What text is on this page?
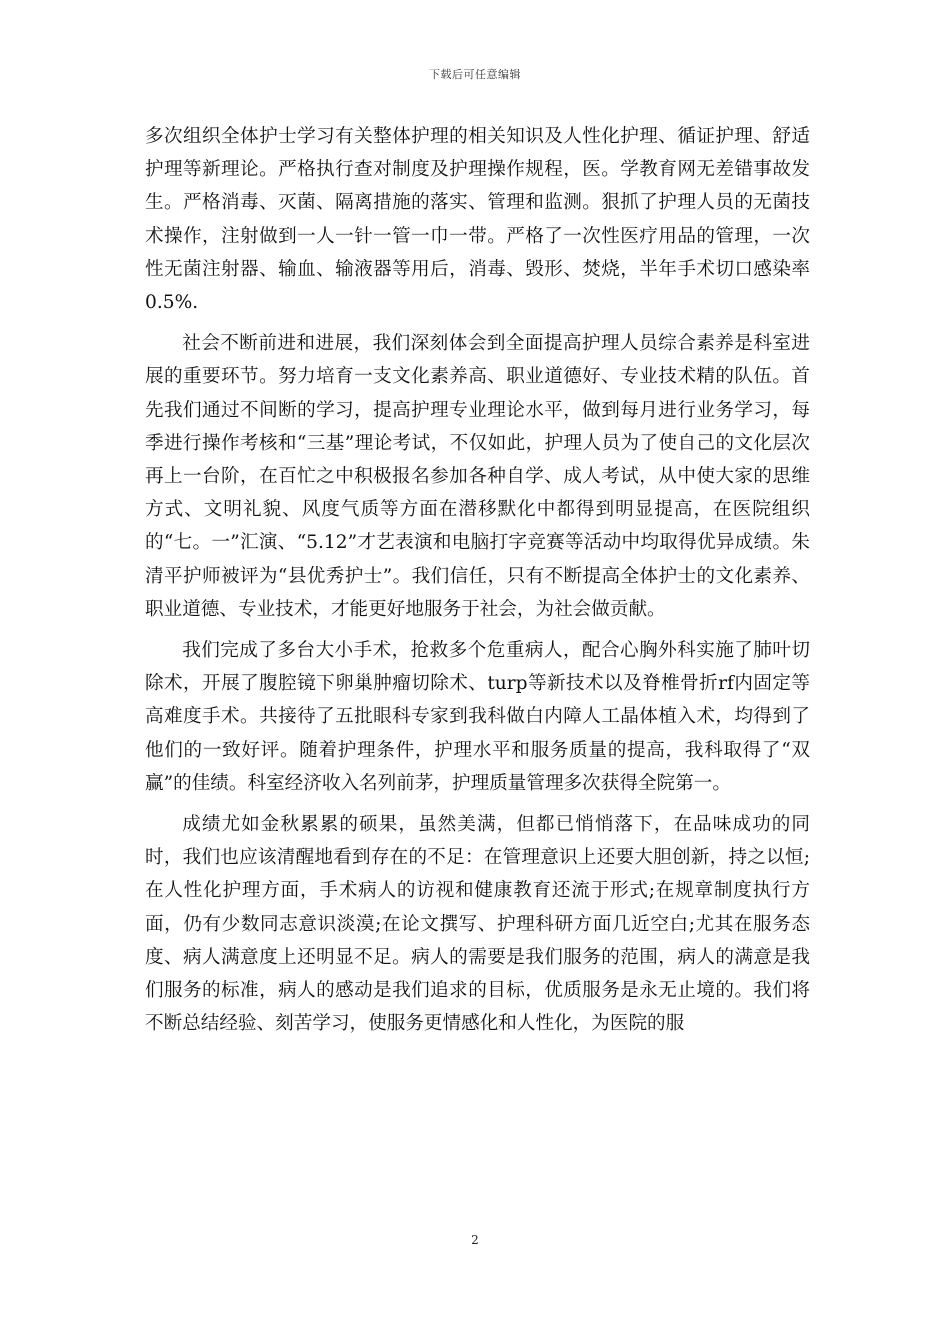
下载后可任意编辑

多次组织全体护士学习有关整体护理的相关知识及人性化护理、循证护理、舒适护理等新理论。严格执行查对制度及护理操作规程，医。学教育网无差错事故发生。严格消毒、灭菌、隔离措施的落实、管理和监测。狠抓了护理人员的无菌技术操作，注射做到一人一针一管一巾一带。严格了一次性医疗用品的管理，一次性无菌注射器、输血、输液器等用后，消毒、毁形、焚烧，半年手术切口感染率0.5%.

社会不断前进和进展，我们深刻体会到全面提高护理人员综合素养是科室进展的重要环节。努力培育一支文化素养高、职业道德好、专业技术精的队伍。首先我们通过不间断的学习，提高护理专业理论水平，做到每月进行业务学习，每季进行操作考核和“三基”理论考试，不仅如此，护理人员为了使自己的文化层次再上一台阶，在百忙之中积极报名参加各种自学、成人考试，从中使大家的思维方式、文明礼貌、风度气质等方面在潜移默化中都得到明显提高，在医院组织的“七。一”汇演、“5.12”才艺表演和电脑打字竞赛等活动中均取得优异成绩。朱清平护师被评为“县优秀护士”。我们信任，只有不断提高全体护士的文化素养、职业道德、专业技术，才能更好地服务于社会，为社会做贡献。

我们完成了多台大小手术，抢救多个危重病人，配合心胸外科实施了肺叶切除术，开展了腹腔镜下卵巢肿瘤切除术、turp等新技术以及脊椎骨折rf内固定等高难度手术。共接待了五批眼科专家到我科做白内障人工晶体植入术，均得到了他们的一致好评。随着护理条件，护理水平和服务质量的提高，我科取得了“双赢”的佳绩。科室经济收入名列前茅，护理质量管理多次获得全院第一。

成绩尤如金秋累累的硕果，虽然美满，但都已悄悄落下，在品味成功的同时，我们也应该清醒地看到存在的不足：在管理意识上还要大胆创新，持之以恒;在人性化护理方面，手术病人的访视和健康教育还流于形式;在规章制度执行方面，仍有少数同志意识淡漠;在论文撰写、护理科研方面几近空白;尤其在服务态度、病人满意度上还明显不足。病人的需要是我们服务的范围，病人的满意是我们服务的标准，病人的感动是我们追求的目标，优质服务是永无止境的。我们将不断总结经验、刻苦学习，使服务更情感化和人性化，为医院的服

2
